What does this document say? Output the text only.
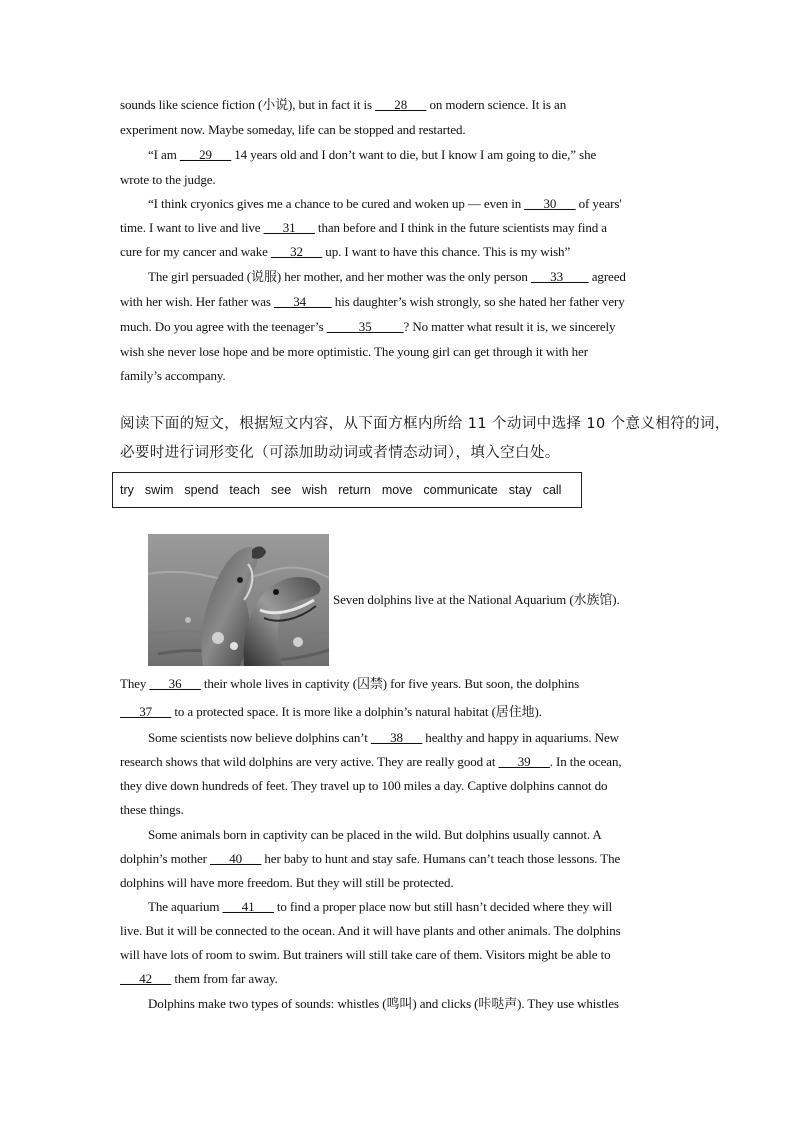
sounds like science fiction (小说), but in fact it is ___28___ on modern science. It is an
experiment now. Maybe someday, life can be stopped and restarted.
“I am ___29___ 14 years old and I don’t want to die, but I know I am going to die,” she
wrote to the judge.
“I think cryonics gives me a chance to be cured and woken up — even in ___30___ of years'
time. I want to live and live ___31___ than before and I think in the future scientists may find a
cure for my cancer and wake ___32___ up. I want to have this chance. This is my wish”
The girl persuaded (说服) her mother, and her mother was the only person ___33____ agreed
with her wish. Her father was ___34____ his daughter’s wish strongly, so she hated her father very
much. Do you agree with the teenager’s _____35_____? No matter what result it is, we sincerely
wish she never lose hope and be more optimistic. The young girl can get through it with her
family’s accompany.
阅读下面的短文，根据短文内容，从下面方框内所给 11 个动词中选择 10 个意义相符的词，
必要时进行词形变化（可添加助动词或者情态动词），填入空白处。
try swim spend teach see wish return move communicate stay call
Seven dolphins live at the National Aquarium (水族馆).
They ___36___ their whole lives in captivity (囚禁) for five years. But soon, the dolphins
___37___ to a protected space. It is more like a dolphin’s natural habitat (居住地).
Some scientists now believe dolphins can’t ___38___ healthy and happy in aquariums. New
research shows that wild dolphins are very active. They are really good at ___39___. In the ocean,
they dive down hundreds of feet. They travel up to 100 miles a day. Captive dolphins cannot do
these things.
Some animals born in captivity can be placed in the wild. But dolphins usually cannot. A
dolphin’s mother ___40___ her baby to hunt and stay safe. Humans can’t teach those lessons. The
dolphins will have more freedom. But they will still be protected.
The aquarium ___41___ to find a proper place now but still hasn’t decided where they will
live. But it will be connected to the ocean. And it will have plants and other animals. The dolphins
will have lots of room to swim. But trainers will still take care of them. Visitors might be able to
___42___ them from far away.
Dolphins make two types of sounds: whistles (鸣叫) and clicks (咔哒声). They use whistles
